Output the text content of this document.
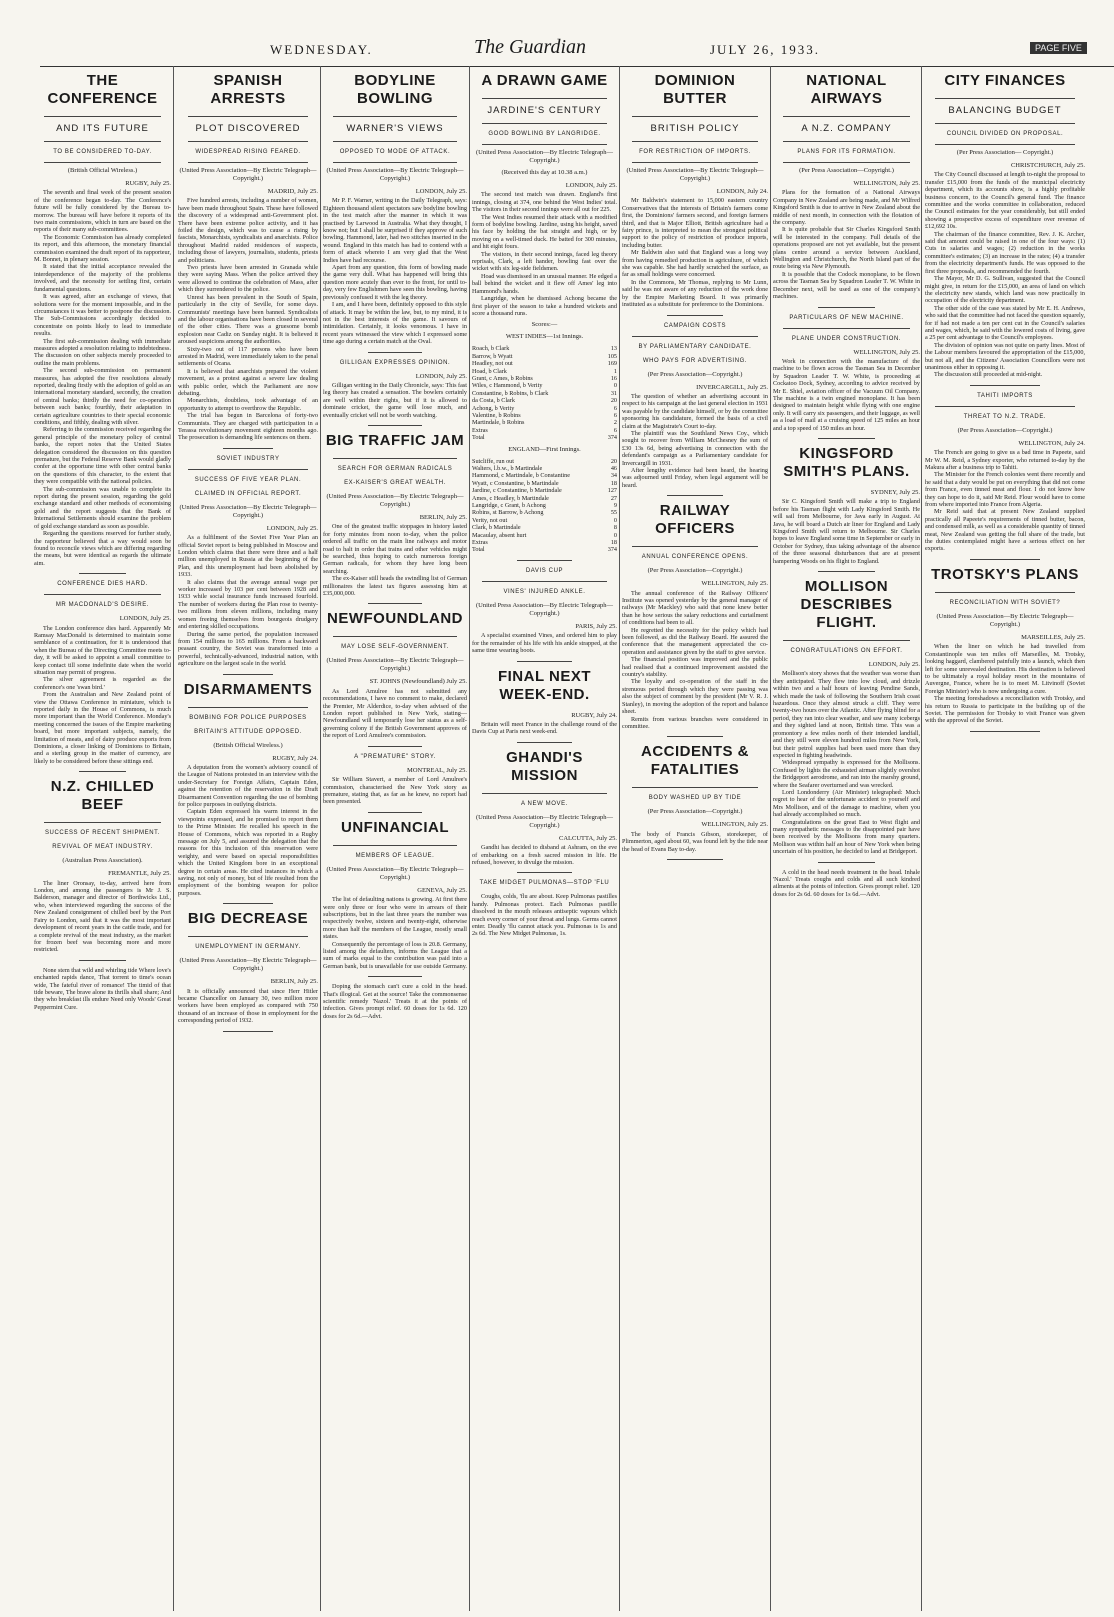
WEDNESDAY.	The Guardian	JULY 26, 1933.	PAGE FIVE
THE CONFERENCE
AND ITS FUTURE
TO BE CONSIDERED TO-DAY.
(British Official Wireless.)
RUGBY, July 25.

The seventh and final week of the present session of the conference began to-day. The Conference's future will be fully considered by the Bureau to-morrow. The bureau will have before it reports of its two main commissions, which in turn are based on the reports of their many sub-committees.

The Economic Commission has already completed its report, and this afternoon, the monetary financial commission examined the draft report of its rapporteur, M. Bonnet, in plenary session.

It stated that the initial acceptance revealed the interdependence of the majority of the problems involved, and the necessity for settling first, certain fundamental questions.

It was agreed, after an exchange of views, that solutions were for the moment impossible, and in the circumstances it was better to postpone the discussion. The Sub-Commissions accordingly decided to concentrate on points likely to lead to immediate results.

The first sub-commission dealing with immediate measures adopted a resolution relating to indebtedness. The discussion on other subjects merely proceeded to outline the main problems.

The second sub-commission on permanent measures, has adopted the five resolutions already reported, dealing firstly with the adoption of gold as an international monetary standard, secondly, the creation of central banks; thirdly the need for co-operation between such banks; fourthly, their adaptation in certain agriculture countries to their special economic conditions, and fifthly, dealing with silver.

Referring to the commission received regarding the general principle of the monetary policy of central banks, the report notes that the United States delegation considered the discussion on this question premature, but the Federal Reserve Bank would gladly confer at the opportune time with other central banks on the questions of this character, to the extent that they were compatible with the national policies.

The sub-commission was unable to complete its report during the present session, regarding the gold exchange standard and other methods of economising gold and the report suggests that the Bank of International Settlements should examine the problem of gold exchange standard as soon as possible.

Regarding the questions reserved for further study, the rapporteur believed that a way would soon be found to reconcile views which are differing regarding the means, but were identical as regards the ultimate aim.

CONFERENCE DIES HARD.
MR MACDONALD'S DESIRE.
LONDON, July 25.

The London conference dies hard. Apparently Mr Ramsay MacDonald is determined to maintain some semblance of a continuation, for it is understood that when the Bureau of the Directing Committee meets to-day, it will be asked to appoint a small committee to keep contact till some indefinite date when the world situation may permit of progress.

The silver agreement is regarded as the conference's one 'swan bird.'

From the Australian and New Zealand point of view the Ottawa Conference in miniature, which is reported daily in the House of Commons, is much more important than the World Conference. Monday's meeting concerned the issues of the Empire marketing board, but more important subjects, namely, the limitation of meats, and of dairy produce exports from Dominions, a closer linking of Dominions to Britain, and a sterling group in the matter of currency, are likely to be considered before these sittings end.

N.Z. CHILLED BEEF
SUCCESS OF RECENT SHIPMENT.
REVIVAL OF MEAT INDUSTRY.
(Australian Press Association).
FREMANTLE, July 25.

The liner Oronsay, to-day, arrived here from London, and among the passengers is Mr J. S. Balderson, manager and director of Borthwicks Ltd., who, when interviewed regarding the success of the New Zealand consignment of chilled beef by the Port Fairy to London, said that it was the most important development of recent years in the cattle trade, and for a complete revival of the meat industry, as the market for frozen beef was becoming more and more restricted.

None stem that wild and whirling tide Where love's enchanted rapids dance, That torrent to time's ocean wide, The fateful river of romance! The timid of that tide beware, The brave alone its thrills shall share; And they who breakfast ills endure Need only Woods' Great Peppermint Cure.

SPANISH ARRESTS
PLOT DISCOVERED
WIDESPREAD RISING FEARED.
(United Press Association—By Electric Telegraph—Copyright.)
MADRID, July 25.

Five hundred arrests, including a number of women, have been made throughout Spain. These have followed the discovery of a widespread anti-Government plot. There have been extreme police activity, and it has foiled the design, which was to cause a rising by fascists, Monarchists, syndicalists and anarchists. Police throughout Madrid raided residences of suspects, including those of lawyers, journalists, students, priests and politicians.

Two priests have been arrested in Granada while they were saying Mass. When the police arrived they were allowed to continue the celebration of Mass, after which they surrendered to the police.

Unrest has been prevalent in the South of Spain, particularly in the city of Seville, for some days. Communists' meetings have been banned. Syndicalists and the labour organisations have been closed in several of the other cities. There was a gruesome bomb explosion near Cadiz on Sunday night. It is believed it aroused suspicions among the authorities.

Sixty-two out of 117 persons who have been arrested in Madrid, were immediately taken to the penal settlements of Ocana.

It is believed that anarchists prepared the violent movement, as a protest against a severe law dealing with public order, which the Parliament are now debating.

Monarchists, doubtless, took advantage of an opportunity to attempt to overthrow the Republic.

The trial has begun in Barcelona of forty-two Communists. They are charged with participation in a Terassa revolutionary movement eighteen months ago. The prosecution is demanding life sentences on them.

SOVIET INDUSTRY
SUCCESS OF FIVE YEAR PLAN.
CLAIMED IN OFFICIAL REPORT.
(United Press Association—By Electric Telegraph—Copyright.)
LONDON, July 25.

As a fulfilment of the Soviet Five Year Plan an official Soviet report is being published in Moscow and London which claims that there were three and a half million unemployed in Russia at the beginning of the Plan, and this unemployment had been abolished by 1933.

It also claims that the average annual wage per worker increased by 103 per cent between 1928 and 1933 while social insurance funds increased fourfold. The number of workers during the Plan rose to twenty-two millions from eleven millions, including many women freeing themselves from bourgeois drudgery and entering skilled occupations.

During the same period, the population increased from 154 millions to 165 millions. From a backward peasant country, the Soviet was transformed into a powerful, technically-advanced, industrial nation, with agriculture on the largest scale in the world.

DISARMAMENTS
BOMBING FOR POLICE PURPOSES
BRITAIN'S ATTITUDE OPPOSED.
(British Official Wireless.)
RUGBY, July 24.

A deputation from the women's advisory council of the League of Nations protested in an interview with the under-Secretary for Foreign Affairs, Captain Eden, against the retention of the reservation in the Draft Disarmament Convention regarding the use of bombing for police purposes in outlying districts.

Captain Eden expressed his warm interest in the viewpoints expressed, and he promised to report them to the Prime Minister. He recalled his speech in the House of Commons, which was reported in a Rugby message on July 5, and assured the delegation that the reasons for this inclusion of this reservation were weighty, and were based on special responsibilities which the United Kingdom bore in an exceptional degree in certain areas. He cited instances in which a saving, not only of money, but of life resulted from the employment of the bombing weapon for police purposes.

BIG DECREASE
UNEMPLOYMENT IN GERMANY.
(United Press Association—By Electric Telegraph—Copyright.)
BERLIN, July 25.

It is officially announced that since Herr Hitler became Chancellor on January 30, two million more workers have been employed as compared with 750 thousand of an increase of those in employment for the corresponding period of 1932.

BODYLINE BOWLING
WARNER'S VIEWS
OPPOSED TO MODE OF ATTACK.
(United Press Association—By Electric Telegraph—Copyright.)
LONDON, July 25.

Mr P. F. Warner, writing in the Daily Telegraph, says: Eighteen thousand silent spectators saw bodyline bowling in the test match after the manner in which it was practised by Larwood in Australia. What they thought, I know not; but I shall be surprised if they approve of such bowling. Hammond, later, had two stitches inserted in the wound. England in this match has had to contend with a form of attack whereto I am very glad that the West Indies have had recourse.

Apart from any question, this form of bowling made the game very dull. What has happened will bring this question more acutely than ever to the front, for until to-day, very few Englishmen have seen this bowling, having previously confused it with the leg theory.

I am, and I have been, definitely opposed to this style of attack. It may be within the law, but, to my mind, it is not in the best interests of the game. It savours of intimidation. Certainly, it looks venomous. I have in recent years witnessed the view which I expressed some time ago during a certain match at the Oval.

GILLIGAN EXPRESSES OPINION.
LONDON, July 25.

Gilligan writing in the Daily Chronicle, says: This fast leg theory has created a sensation. The bowlers certainly are well within their rights, but if it is allowed to dominate cricket, the game will lose much, and eventually cricket will not be worth watching.

BIG TRAFFIC JAM
SEARCH FOR GERMAN RADICALS
EX-KAISER'S GREAT WEALTH.
(United Press Association—By Electric Telegraph—Copyright.)
BERLIN, July 25.

One of the greatest traffic stoppages in history lasted for forty minutes from noon to-day, when the police ordered all traffic on the main line railways and motor road to halt in order that trains and other vehicles might be searched, thus hoping to catch numerous foreign German radicals, for whom they have long been searching.

The ex-Kaiser still heads the swindling list of German millionaires the latest tax figures assessing him at £35,000,000.

NEWFOUNDLAND
MAY LOSE SELF-GOVERNMENT.
(United Press Association—By Electric Telegraph—Copyright.)
ST. JOHNS (Newfoundland) July 25.

As Lord Amulree has not submitted any recommendations, I have no comment to make, declared the Premier, Mr Alderdice, to-day when advised of the London report published in New York, stating— Newfoundland will temporarily lose her status as a self-governing colony if the British Government approves of the report of Lord Amulree's commission.

A "PREMATURE" STORY.
MONTREAL, July 25.

Sir William Stavert, a member of Lord Amulree's commission, characterised the New York story as premature, stating that, as far as he knew, no report had been presented.

UNFINANCIAL
MEMBERS OF LEAGUE.
(United Press Association—By Electric Telegraph—Copyright.)
GENEVA, July 25.

The list of defaulting nations is growing. At first there were only three or four who were in arrears of their subscriptions, but in the last three years the number was respectively twelve, sixteen and twenty-eight, otherwise more than half the members of the League, mostly small states.

Consequently the percentage of loss is 20.8. Germany, listed among the defaulters, informs the League that a sum of marks equal to the contribution was paid into a German bank, but is unavailable for use outside Germany.

Doping the stomach can't cure a cold in the head. That's illogical. Get at the source! Take the commonsense scientific remedy 'Nazol.' Treats it at the points of infection. Gives prompt relief. 60 doses for 1s 6d. 120 doses for 2s 6d.—Advt.

A DRAWN GAME
JARDINE'S CENTURY
GOOD BOWLING BY LANGRIDGE.
(United Press Association—By Electric Telegraph—Copyright.)
(Received this day at 10.38 a.m.)
LONDON, July 25.

The second test match was drawn. England's first innings, closing at 374, one behind the West Indies' total. The visitors in their second innings were all out for 225.

The West Indies resumed their attack with a modified form of bodyline bowling. Jardine, using his height, saved his face by holding the bat straight and high, or by moving on a well-timed duck. He batted for 300 minutes, and hit eight fours.

The visitors, in their second innings, faced leg theory reprisals, Clark, a left hander, bowling fast over the wicket with six leg-side fieldsmen.

Hoad was dismissed in an unusual manner. He edged a ball behind the wicket and it flew off Ames' leg into Hammond's hands.

Langridge, when he dismissed Achong became the first player of the season to take a hundred wickets and score a thousand runs.

Scores:—
WEST INDIES—1st Innings.
Roach, b Clark	13
Barrow, b Wyatt	105
Headley, not out	169
Hoad, b Clark	1
Grant, c Ames, b Robins	16
Wiles, c Hammond, b Verity	0
Constantine, b Robins, b Clark	31
da Costa, b Clark	20
Achong, b Verity	6
Valentine, b Robins	6
Martindale, b Robins	2
Extras	6
Total	374
ENGLAND—First Innings.
Sutcliffe, run out	20
Walters, l.b.w., b Martindale	46
Hammond, c Martindale, b Constantine	34
Wyatt, c Constantine, b Martindale	18
Jardine, c Constantine, b Martindale	127
Ames, c Headley, b Martindale	27
Langridge, c Grant, b Achong	9
Robins, st Barrow, b Achong	55
Verity, not out	0
Clark, b Martindale	8
Macaulay, absent hurt	0
Extras	18
Total	374
DAVIS CUP
VINES' INJURED ANKLE.
(United Press Association—By Electric Telegraph—Copyright.)
PARIS, July 25.

A specialist examined Vines, and ordered him to play for the remainder of his life with his ankle strapped, at the same time wearing boots.

FINAL NEXT WEEK-END.
RUGBY, July 24.

Britain will meet France in the challenge round of the Davis Cup at Paris next week-end.

GHANDI'S MISSION
A NEW MOVE.
(United Press Association—By Electric Telegraph—Copyright.)
CALCUTTA, July 25.

Gandhi has decided to disband at Ashram, on the eve of embarking on a fresh sacred mission in life. He refused, however, to divulge the mission.

TAKE MIDGET PULMONAS—STOP 'FLU

Coughs, colds, 'flu are about. Keep Pulmonas pastilles handy. Pulmonas protect. Each Pulmonas pastille dissolved in the mouth releases antiseptic vapours which reach every corner of your throat and lungs. Germs cannot enter. Deadly 'flu cannot attack you. Pulmonas is 1s and 2s 6d. The New Midget Pulmonas, 1s.

DOMINION BUTTER
BRITISH POLICY
FOR RESTRICTION OF IMPORTS.
(United Press Association—By Electric Telegraph—Copyright.)
LONDON, July 24.

Mr Baldwin's statement to 15,000 eastern country Conservatives that the interests of Britain's farmers come first, the Dominions' farmers second, and foreign farmers third, and that is Major Elliott, British agriculture had a fairy prince, is interpreted to mean the strongest political support to the policy of restriction of produce imports, including butter.

Mr Baldwin also said that England was a long way from having remedied production in agriculture, of which she was capable. She had hardly scratched the surface, as far as small holdings were concerned.

In the Commons, Mr Thomas, replying to Mr Lunn, said he was not aware of any reduction of the work done by the Empire Marketing Board. It was primarily instituted as a substitute for preference to the Dominions.

CAMPAIGN COSTS
BY PARLIAMENTARY CANDIDATE.
WHO PAYS FOR ADVERTISING.
(Per Press Association—Copyright.)
INVERCARGILL, July 25.

The question of whether an advertising account in respect to his campaign at the last general election in 1931 was payable by the candidate himself, or by the committee sponsoring his candidature, formed the basis of a civil claim at the Magistrate's Court to-day.

The plaintiff was the Southland News Coy., which sought to recover from William McChesney the sum of £30 13s 6d, being advertising in connection with the defendant's campaign as a Parliamentary candidate for Invercargill in 1931.

After lengthy evidence had been heard, the hearing was adjourned until Friday, when legal argument will be heard.

RAILWAY OFFICERS
ANNUAL CONFERENCE OPENS.
(Per Press Association—Copyright.)
WELLINGTON, July 25.

The annual conference of the Railway Officers' Institute was opened yesterday by the general manager of railways (Mr Mackley) who said that none knew better than he how serious the salary reductions and curtailment of conditions had been to all.

He regretted the necessity for the policy which had been followed, as did the Railway Board. He assured the conference that the management appreciated the co-operation and assistance given by the staff to give service.

The financial position was improved and the public had realised that a continued improvement assisted the country's stability.

The loyalty and co-operation of the staff in the strenuous period through which they were passing was also the subject of comment by the president (Mr V. R. J. Stanley), in moving the adoption of the report and balance sheet.

Remits from various branches were considered in committee.

ACCIDENTS & FATALITIES
BODY WASHED UP BY TIDE
(Per Press Association—Copyright.)
WELLINGTON, July 25.

The body of Francis Gibson, storekeeper, of Plimmerton, aged about 60, was found left by the tide near the head of Evans Bay to-day.

NATIONAL AIRWAYS
A N.Z. COMPANY
PLANS FOR ITS FORMATION.
(Per Press Association—Copyright.)
WELLINGTON, July 25.

Plans for the formation of a National Airways Company in New Zealand are being made, and Mr Wilfred Kingsford Smith is due to arrive in New Zealand about the middle of next month, in connection with the flotation of the company.

It is quite probable that Sir Charles Kingsford Smith will be interested in the company. Full details of the operations proposed are not yet available, but the present plans centre around a service between Auckland, Wellington and Christchurch, the North Island part of the route being via New Plymouth.

It is possible that the Codock monoplane, to be flown across the Tasman Sea by Squadron Leader T. W. White in December next, will be used as one of the company's machines.

PARTICULARS OF NEW MACHINE.
PLANE UNDER CONSTRUCTION.
WELLINGTON, July 25.

Work in connection with the manufacture of the machine to be flown across the Tasman Sea in December by Squadron Leader T. W. White, is proceeding at Cockatoo Dock, Sydney, according to advice received by Mr E. Shiel, aviation officer of the Vacuum Oil Company. The machine is a twin engined monoplane. It has been designed to maintain height while flying with one engine only. It will carry six passengers, and their luggage, as well as a load of mail at a cruising speed of 125 miles an hour and a top speed of 150 miles an hour.

KINGSFORD SMITH'S PLANS.
SYDNEY, July 25.

Sir C. Kingsford Smith will make a trip to England before his Tasman flight with Lady Kingsford Smith. He will sail from Melbourne, for Java early in August. At Java, he will board a Dutch air liner for England and Lady Kingsford Smith will return to Melbourne. Sir Charles hopes to leave England some time in September or early in October for Sydney, thus taking advantage of the absence of the three seasonal disturbances that are at present hampering Woods on his flight to England.

MOLLISON DESCRIBES FLIGHT.
CONGRATULATIONS ON EFFORT.
LONDON, July 25.

Mollison's story shows that the weather was worse than they anticipated. They flew into low cloud, and drizzle within two and a half hours of leaving Pendine Sands, which made the task of following the Southern Irish coast hazardous. Once they almost struck a cliff. They were twenty-two hours over the Atlantic. After flying blind for a period, they ran into clear weather, and saw many icebergs and they sighted land at noon, British time. This was a promontory a few miles north of their intended landfall, and they still were eleven hundred miles from New York, but their petrol supplies had been used more than they expected in fighting headwinds.

Widespread sympathy is expressed for the Mollisons. Confused by lights the exhausted airman slightly overshot the Bridgeport aerodrome, and ran into the marshy ground, where the Seafarer overturned and was wrecked.

Lord Londonderry (Air Minister) telegraphed: Much regret to hear of the unfortunate accident to yourself and Mrs Mollison, and of the damage to machine, when you had already accomplished so much.

Congratulations on the great East to West flight and many sympathetic messages to the disappointed pair have been received by the Mollisons from many quarters. Mollison was within half an hour of New York when being uncertain of his position, he decided to land at Bridgeport.

A cold in the head needs treatment in the head. Inhale 'Nazol.' Treats coughs and colds and all such kindred ailments at the points of infection. Gives prompt relief. 120 doses for 2s 6d. 60 doses for 1s 6d.—Advt.

CITY FINANCES
BALANCING BUDGET
COUNCIL DIVIDED ON PROPOSAL.
(Per Press Association— Copyright.)
CHRISTCHURCH, July 25.

The City Council discussed at length to-night the proposal to transfer £15,000 from the funds of the municipal electricity department, which its accounts show, is a highly profitable business concern, to the Council's general fund. The finance committee and the works committee in collaboration, reduced the Council estimates for the year considerably, but still ended showing a prospective excess of expenditure over revenue of £12,692 10s.

The chairman of the finance committee, Rev. J. K. Archer, said that amount could be raised in one of the four ways: (1) Cuts in salaries and wages; (2) reduction in the works committee's estimates; (3) an increase in the rates; (4) a transfer from the electricity department's funds. He was opposed to the first three proposals, and recommended the fourth.

The Mayor, Mr D. G. Sullivan, suggested that the Council might give, in return for the £15,000, an area of land on which the electricity new stands, which land was now practically in occupation of the electricity department.

The other side of the case was stated by Mr E. H. Andrews, who said that the committee had not faced the question squarely, for if had not made a ten per cent cut in the Council's salaries and wages, which, he said with the lowered costs of living, gave a 25 per cent advantage to the Council's employees.

The division of opinion was not quite on party lines. Most of the Labour members favoured the appropriation of the £15,000, but not all, and the Citizens' Association Councillors were not unanimous either in opposing it.

The discussion still proceeded at mid-night.

TAHITI IMPORTS
THREAT TO N.Z. TRADE.
(Per Press Association—Copyright.)
WELLINGTON, July 24.

The French are going to give us a bad time in Papeete, said Mr W. M. Reid, a Sydney exporter, who returned to-day by the Makura after a business trip to Tahiti.

The Minister for the French colonies went there recently and he said that a duty would be put on everything that did not come from France, even tinned meat and flour. I do not know how they can hope to do it, said Mr Reid. Flour would have to come from where imported into France from Algeria.

Mr Reid said that at present New Zealand supplied practically all Papeete's requirements of tinned butter, bacon, and condensed milk, as well as a considerable quantity of tinned meat, New Zealand was getting the full share of the trade, but the duties contemplated might have a serious effect on her exports.

TROTSKY'S PLANS
RECONCILIATION WITH SOVIET?
(United Press Association—By Electric Telegraph—Copyright.)
MARSEILLES, July 25.

When the liner on which he had travelled from Constantinople was ten miles off Marseilles, M. Trotsky, looking haggard, clambered painfully into a launch, which then left for some unrevealed destination. His destination is believed to be ultimately a royal holiday resort in the mountains of Auvergne, France, where he is to meet M. Litvinoff (Soviet Foreign Minister) who is now undergoing a cure.

The meeting foreshadows a reconciliation with Trotsky, and his return to Russia to participate in the building up of the Soviet. The permission for Trotsky to visit France was given with the approval of the Soviet.
